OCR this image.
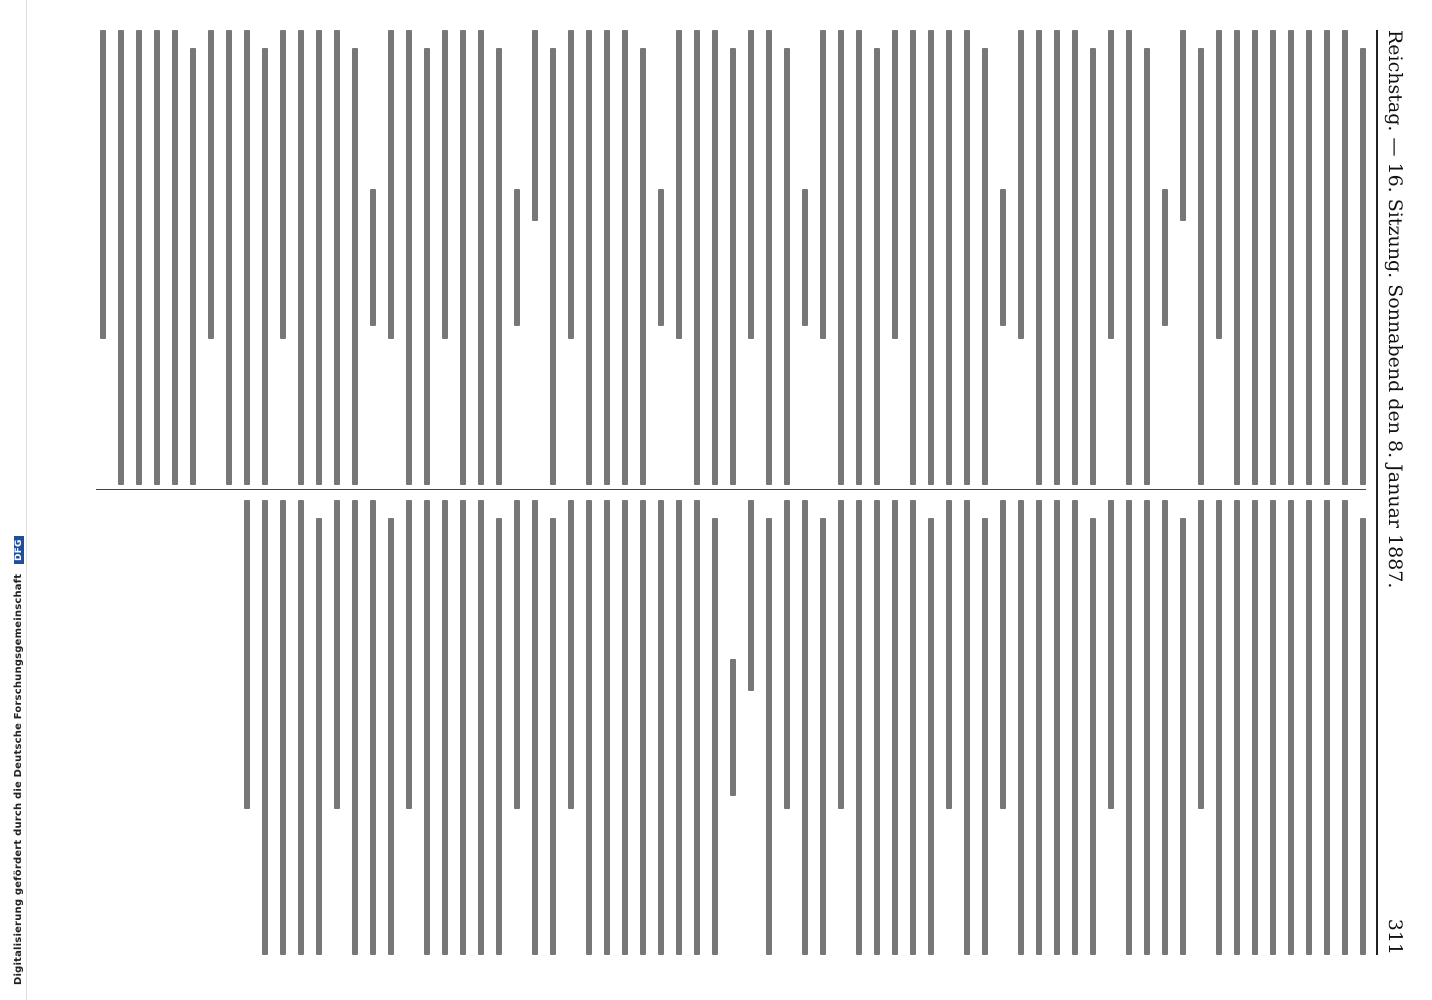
Digitalisierung gefördert durch die Deutsche Forschungsgemeinschaft DFG	Reichstag. — 16. Sitzung. Sonnabend den 8. Januar 1887.
311
